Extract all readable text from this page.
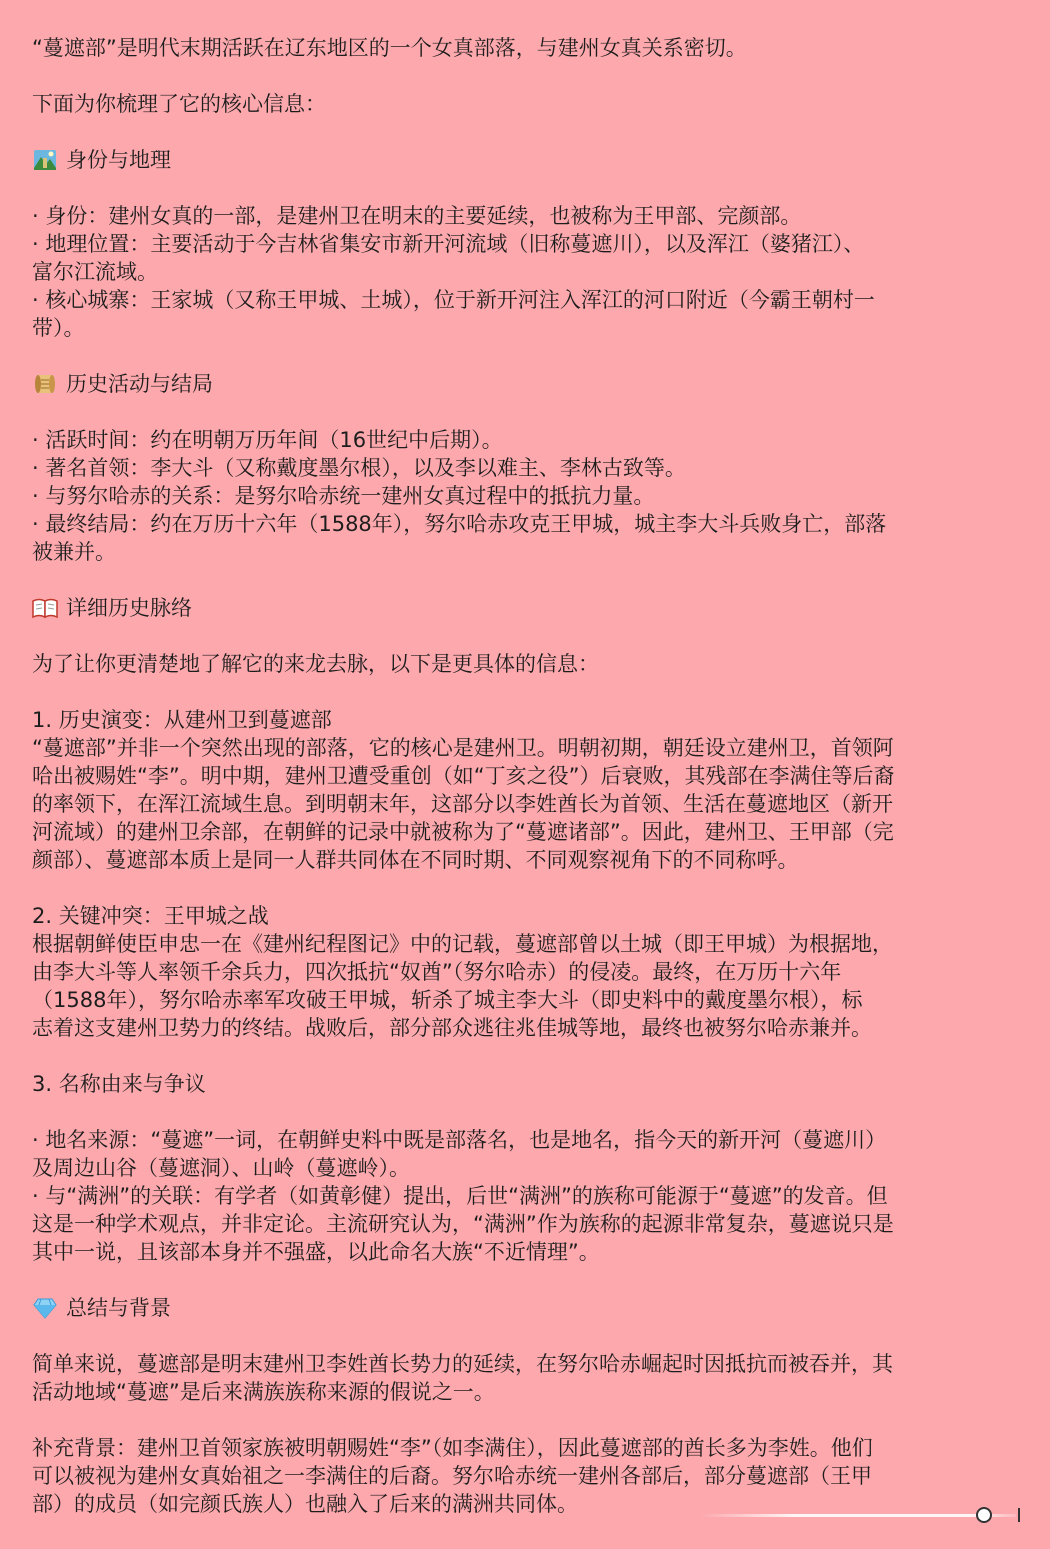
“蔓遮部”是明代末期活跃在辽东地区的一个女真部落，与建州女真关系密切。

下面为你梳理了它的核心信息：

身份与地理

· 身份：建州女真的一部，是建州卫在明末的主要延续，也被称为王甲部、完颜部。

· 地理位置：主要活动于今吉林省集安市新开河流域（旧称蔓遮川），以及浑江（婆猪江）、

富尔江流域。

· 核心城寨：王家城（又称王甲城、土城），位于新开河注入浑江的河口附近（今霸王朝村一

带）。

历史活动与结局

· 活跃时间：约在明朝万历年间（16世纪中后期）。

· 著名首领：李大斗（又称戴度墨尔根），以及李以难主、李林古致等。

· 与努尔哈赤的关系：是努尔哈赤统一建州女真过程中的抵抗力量。

· 最终结局：约在万历十六年（1588年），努尔哈赤攻克王甲城，城主李大斗兵败身亡，部落

被兼并。

详细历史脉络

为了让你更清楚地了解它的来龙去脉，以下是更具体的信息：

1. 历史演变：从建州卫到蔓遮部

“蔓遮部”并非一个突然出现的部落，它的核心是建州卫。明朝初期，朝廷设立建州卫，首领阿

哈出被赐姓“李”。明中期，建州卫遭受重创（如“丁亥之役”）后衰败，其残部在李满住等后裔

的率领下，在浑江流域生息。到明朝末年，这部分以李姓酋长为首领、生活在蔓遮地区（新开

河流域）的建州卫余部，在朝鲜的记录中就被称为了“蔓遮诸部”。因此，建州卫、王甲部（完

颜部）、蔓遮部本质上是同一人群共同体在不同时期、不同观察视角下的不同称呼。

2. 关键冲突：王甲城之战

根据朝鲜使臣申忠一在《建州纪程图记》中的记载，蔓遮部曾以土城（即王甲城）为根据地，

由李大斗等人率领千余兵力，四次抵抗“奴酋”（努尔哈赤）的侵凌。最终，在万历十六年

（1588年），努尔哈赤率军攻破王甲城，斩杀了城主李大斗（即史料中的戴度墨尔根），标

志着这支建州卫势力的终结。战败后，部分部众逃往兆佳城等地，最终也被努尔哈赤兼并。

3. 名称由来与争议

· 地名来源：“蔓遮”一词，在朝鲜史料中既是部落名，也是地名，指今天的新开河（蔓遮川）

及周边山谷（蔓遮洞）、山岭（蔓遮岭）。

· 与“满洲”的关联：有学者（如黄彰健）提出，后世“满洲”的族称可能源于“蔓遮”的发音。但

这是一种学术观点，并非定论。主流研究认为，“满洲”作为族称的起源非常复杂，蔓遮说只是

其中一说，且该部本身并不强盛，以此命名大族“不近情理”。

总结与背景

简单来说，蔓遮部是明末建州卫李姓酋长势力的延续，在努尔哈赤崛起时因抵抗而被吞并，其

活动地域“蔓遮”是后来满族族称来源的假说之一。

补充背景：建州卫首领家族被明朝赐姓“李”（如李满住），因此蔓遮部的酋长多为李姓。他们

可以被视为建州女真始祖之一李满住的后裔。努尔哈赤统一建州各部后，部分蔓遮部（王甲

部）的成员（如完颜氏族人）也融入了后来的满洲共同体。
